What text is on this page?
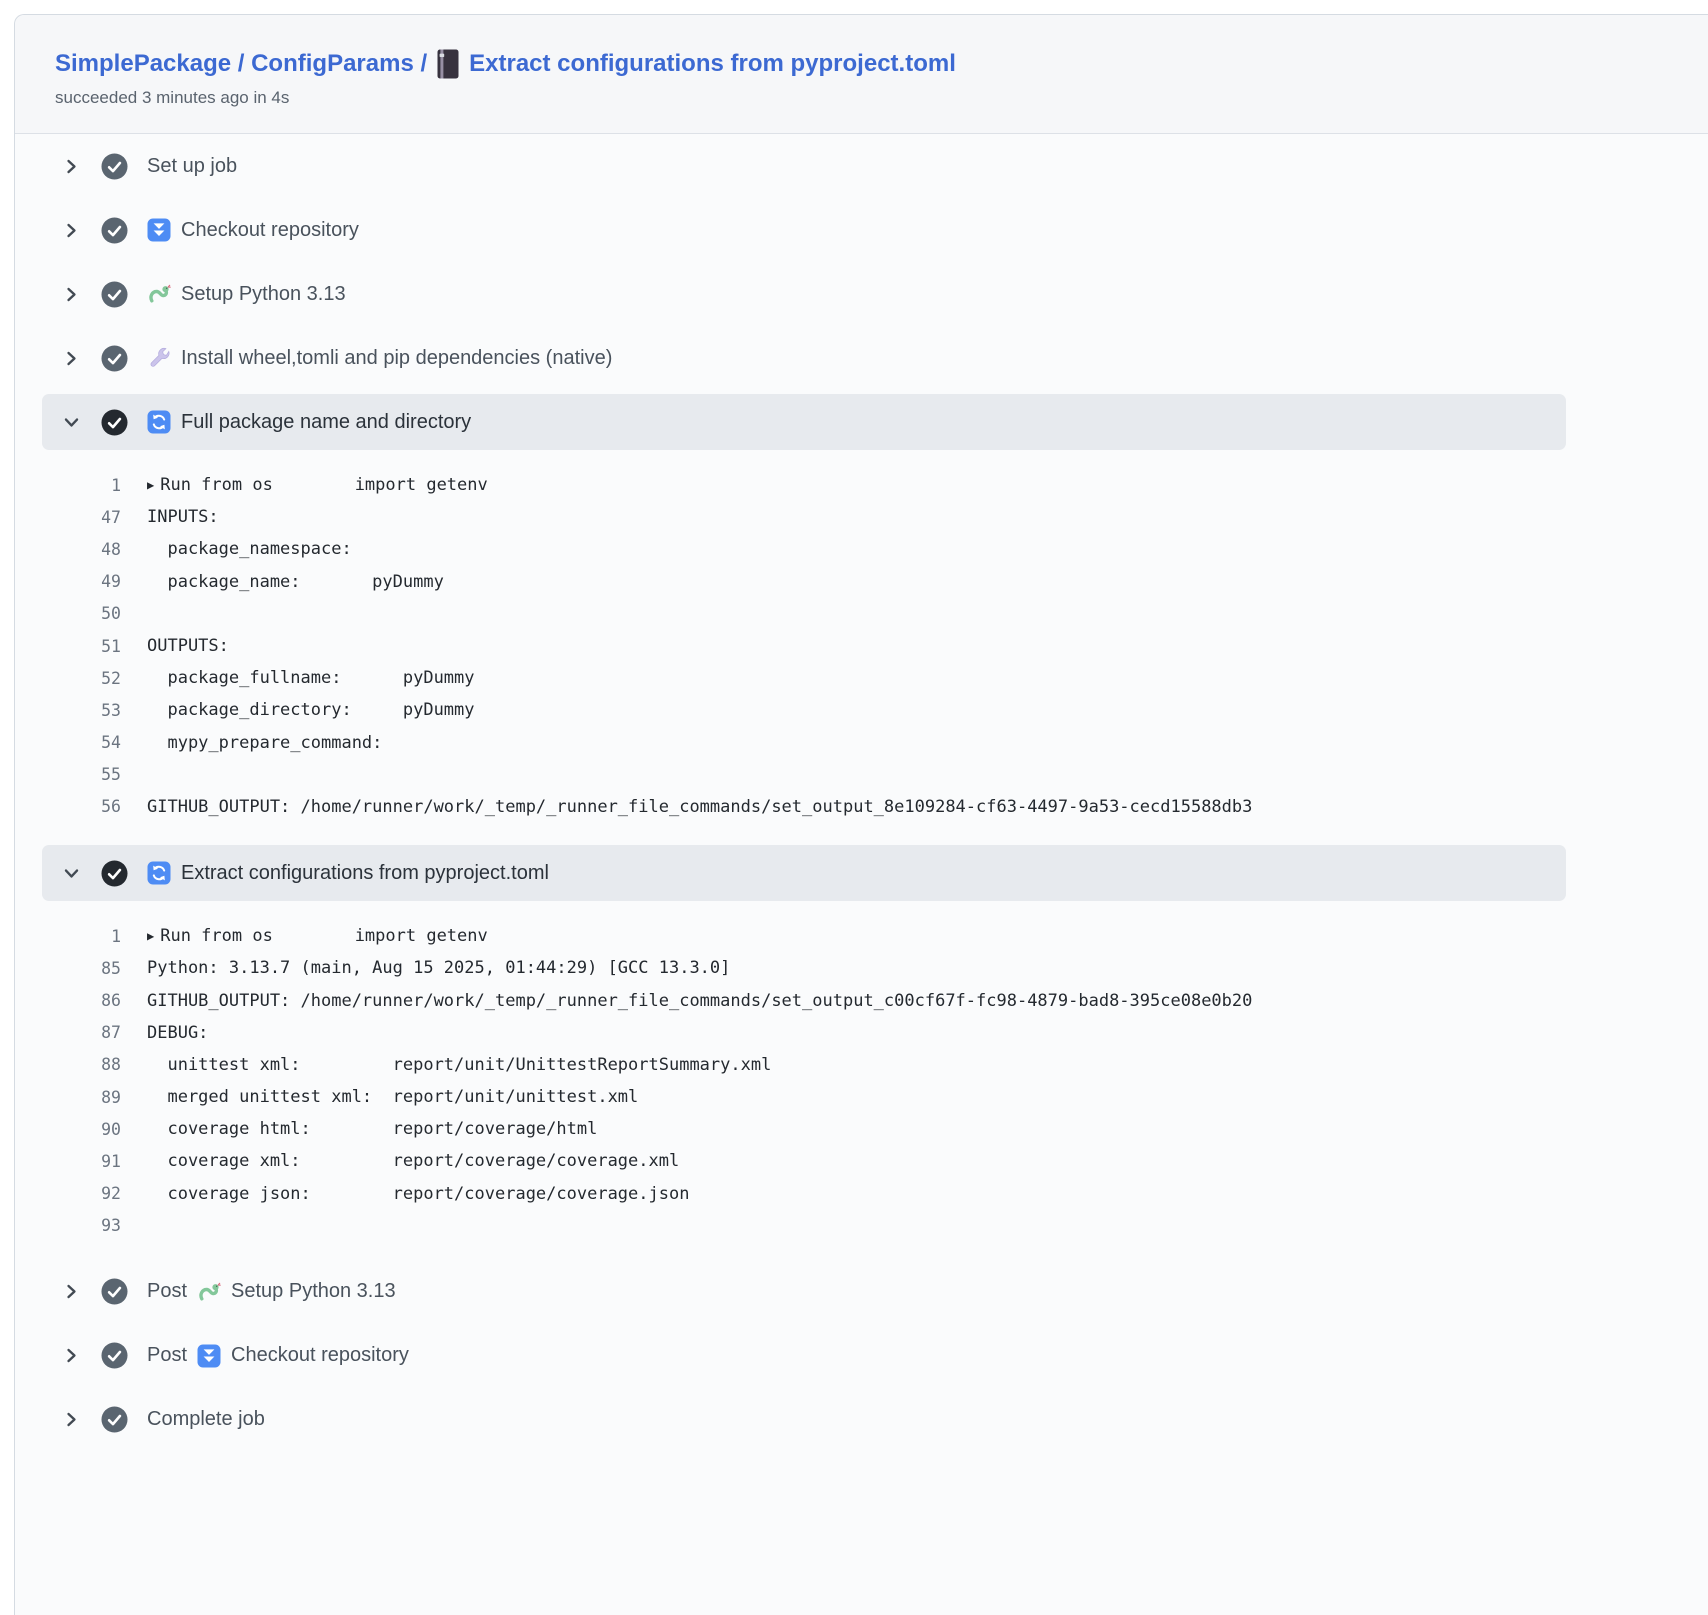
SimplePackage / ConfigParams / Extract configurations from pyproject.toml
succeeded 3 minutes ago in 4s
Set up job
Checkout repository
Setup Python 3.13
Install wheel,tomli and pip dependencies (native)
Full package name and directory
1 ▶ Run from os        import getenv
47 INPUTS:
48 package_namespace:
49 package_name:       pyDummy
50
51 OUTPUTS:
52 package_fullname:      pyDummy
53 package_directory:     pyDummy
54 mypy_prepare_command:
55
56 GITHUB_OUTPUT: /home/runner/work/_temp/_runner_file_commands/set_output_8e109284-cf63-4497-9a53-cecd15588db3
Extract configurations from pyproject.toml
1 ▶ Run from os        import getenv
85 Python: 3.13.7 (main, Aug 15 2025, 01:44:29) [GCC 13.3.0]
86 GITHUB_OUTPUT: /home/runner/work/_temp/_runner_file_commands/set_output_c00cf67f-fc98-4879-bad8-395ce08e0b20
87 DEBUG:
88 unittest xml:         report/unit/UnittestReportSummary.xml
89 merged unittest xml:  report/unit/unittest.xml
90 coverage html:        report/coverage/html
91 coverage xml:         report/coverage/coverage.xml
92 coverage json:        report/coverage/coverage.json
93
Post Setup Python 3.13
Post Checkout repository
Complete job
